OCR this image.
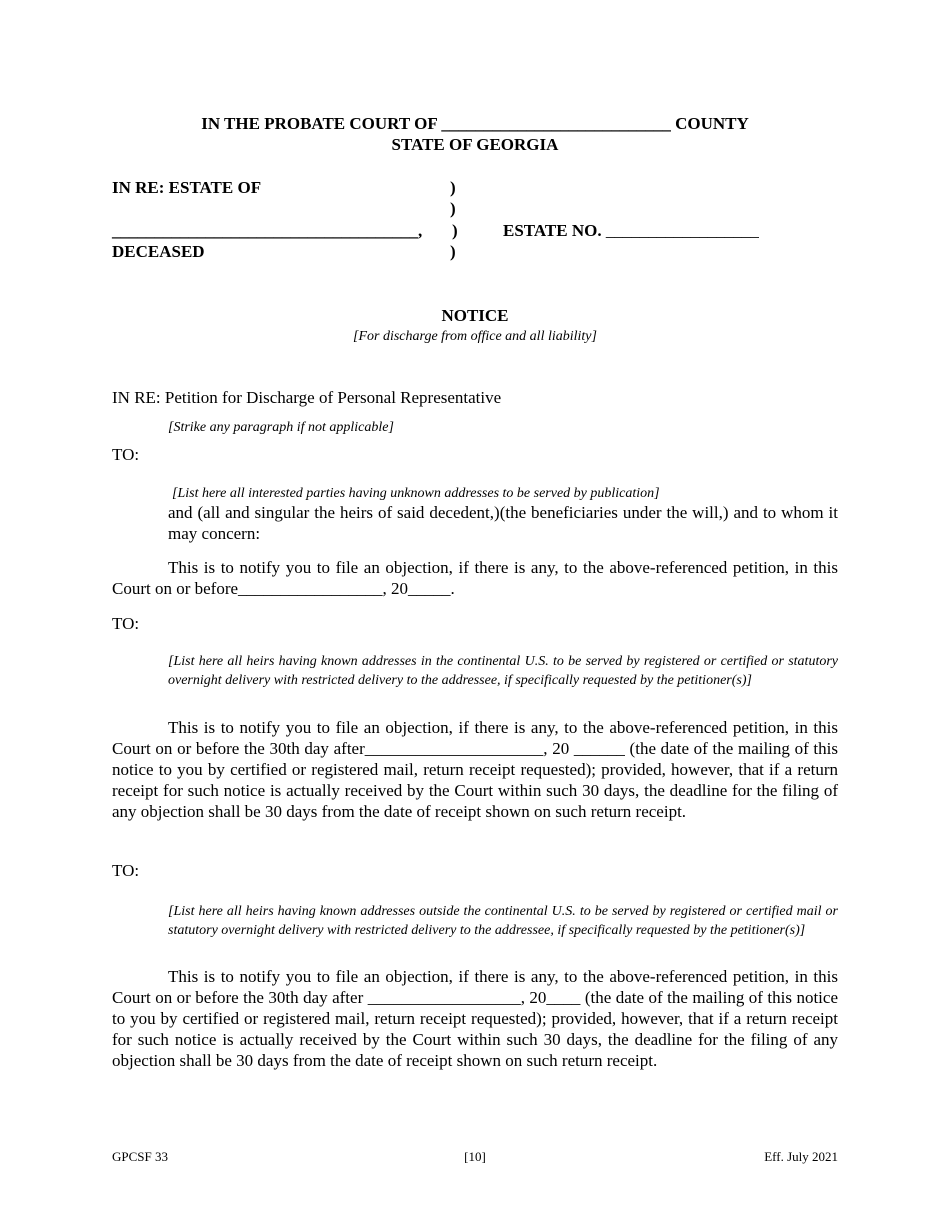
IN THE PROBATE COURT OF ___________________________ COUNTY
STATE OF GEORGIA
IN RE: ESTATE OF
____________________________________,
DECEASED
)
)
)
)
ESTATE NO. __________________
NOTICE
[For discharge from office and all liability]
IN RE: Petition for Discharge of Personal Representative
[Strike any paragraph if not applicable]
TO:
[List here all interested parties having unknown addresses to be served by publication]
and (all and singular the heirs of said decedent,)(the beneficiaries under the will,) and to whom it may concern:
This is to notify you to file an objection, if there is any, to the above-referenced petition, in this Court on or before_________________, 20_____.
TO:
[List here all heirs having known addresses in the continental U.S. to be served by registered or certified or statutory overnight delivery with restricted delivery to the addressee, if specifically requested by the petitioner(s)]
This is to notify you to file an objection, if there is any, to the above-referenced petition, in this Court on or before the 30th day after_____________________, 20 ______ (the date of the mailing of this notice to you by certified or registered mail, return receipt requested); provided, however, that if a return receipt for such notice is actually received by the Court within such 30 days, the deadline for the filing of any objection shall be 30 days from the date of receipt shown on such return receipt.
TO:
[List here all heirs having known addresses outside the continental U.S. to be served by registered or certified mail or statutory overnight delivery with restricted delivery to the addressee, if specifically requested by the petitioner(s)]
This is to notify you to file an objection, if there is any, to the above-referenced petition, in this Court on or before the 30th day after __________________, 20____ (the date of the mailing of this notice to you by certified or registered mail, return receipt requested); provided, however, that if a return receipt for such notice is actually received by the Court within such 30 days, the deadline for the filing of any objection shall be 30 days from the date of receipt shown on such return receipt.
GPCSF 33	[10]	Eff. July 2021
